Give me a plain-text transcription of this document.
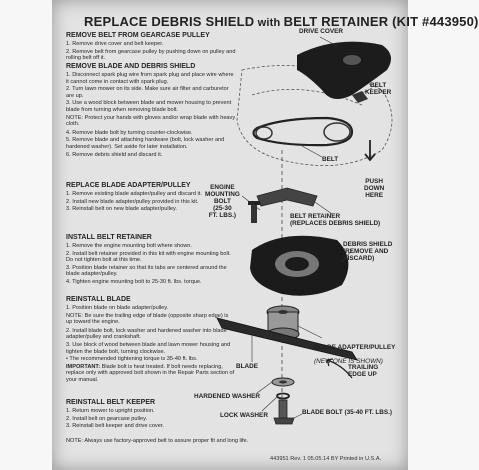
REPLACE DEBRIS SHIELD with BELT RETAINER (KIT #443950)
DRIVE COVER
BELT
KEEPER
BELT
PUSH
DOWN
HERE
ENGINE
MOUNTING
BOLT
(25-30
FT. LBS.)	BELT RETAINER
(REPLACES DEBRIS SHIELD)
DEBRIS SHIELD
(REMOVE AND
DISCARD)

BLADE ADAPTER/PULLEY

(NEW ONE IS SHOWN)

TRAILING
EDGE UP
BLADE
HARDENED WASHER
LOCK WASHER	BLADE BOLT (35-40 FT. LBS.)
REMOVE BELT FROM GEARCASE PULLEY
1. Remove drive cover and belt keeper.
2. Remove belt from gearcase pulley by pushing down on pulley and rolling belt off it.
REMOVE BLADE AND DEBRIS SHIELD
1. Disconnect spark plug wire from spark plug and place wire where it cannot come in contact with spark plug.
2. Turn lawn mower on its side. Make sure air filter and carburetor are up.
3. Use a wood block between blade and mower housing to prevent blade from turning when removing blade bolt.
NOTE: Protect your hands with gloves and/or wrap blade with heavy cloth.
4. Remove blade bolt by turning counter-clockwise.
5. Remove blade and attaching hardware (bolt, lock washer and hardened washer). Set aside for later installation.
6. Remove debris shield and discard it.
REPLACE BLADE ADAPTER/PULLEY
1. Remove existing blade adapter/pulley and discard it.
2. Install new blade adapter/pulley provided in this kit.
3. Reinstall belt on new blade adapter/pulley.
INSTALL BELT RETAINER
1. Remove the engine mounting bolt where shown.
2. Install belt retainer provided in this kit with engine mounting bolt. Do not tighten bolt at this time.
3. Position blade retainer so that its tabs are centered around the blade adapter/pulley.
4. Tighten engine mounting bolt to 25-30 ft. lbs. torque.
REINSTALL BLADE
1. Position blade on blade adapter/pulley.
NOTE: Be sure the trailing edge of blade (opposite sharp edge) is up toward the engine.
2. Install blade bolt, lock washer and hardened washer into blade adapter/pulley and crankshaft.
3. Use block of wood between blade and lawn mower housing and tighten the blade bolt, turning clockwise.
• The recommended tightening torque is 35-40 ft. lbs.
IMPORTANT: Blade bolt is heat treated. If bolt needs replacing, replace only with approved bolt shown in the Repair Parts section of your manual.
REINSTALL BELT KEEPER
1. Return mower to upright position.
2. Install belt on gearcase pulley.
3. Reinstall belt keeper and drive cover.
NOTE: Always use factory-approved belt to assure proper fit and long life.
443951 Rev. 1 05.05.14 BY Printed in U.S.A.
